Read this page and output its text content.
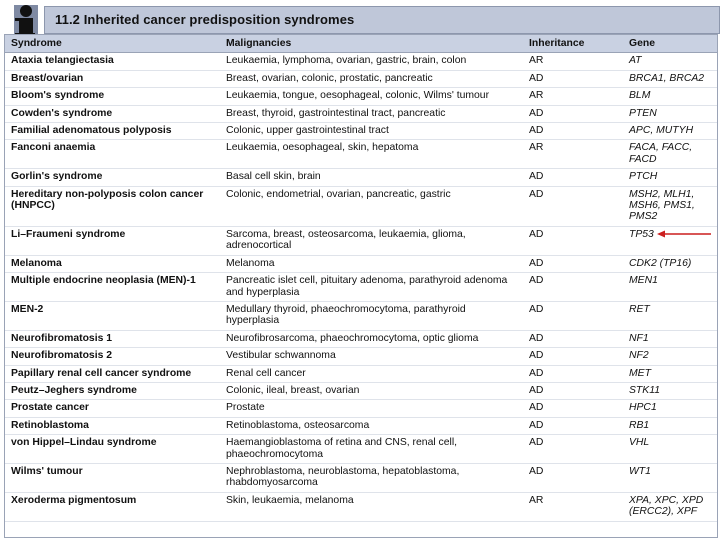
11.2 Inherited cancer predisposition syndromes
Syndrome	Malignancies	Inheritance	Gene
Ataxia telangiectasia	Leukaemia, lymphoma, ovarian, gastric, brain, colon	AR	AT
Breast/ovarian	Breast, ovarian, colonic, prostatic, pancreatic	AD	BRCA1, BRCA2
Bloom's syndrome	Leukaemia, tongue, oesophageal, colonic, Wilms' tumour	AR	BLM
Cowden's syndrome	Breast, thyroid, gastrointestinal tract, pancreatic	AD	PTEN
Familial adenomatous polyposis	Colonic, upper gastrointestinal tract	AD	APC, MUTYH
Fanconi anaemia	Leukaemia, oesophageal, skin, hepatoma	AR	FACA, FACC, FACD
Gorlin's syndrome	Basal cell skin, brain	AD	PTCH
Hereditary non-polyposis colon cancer (HNPCC)	Colonic, endometrial, ovarian, pancreatic, gastric	AD	MSH2, MLH1, MSH6, PMS1, PMS2
Li–Fraumeni syndrome	Sarcoma, breast, osteosarcoma, leukaemia, glioma, adrenocortical	AD	TP53
Melanoma	Melanoma	AD	CDK2 (TP16)
Multiple endocrine neoplasia (MEN)-1	Pancreatic islet cell, pituitary adenoma, parathyroid adenoma and hyperplasia	AD	MEN1
MEN-2	Medullary thyroid, phaeochromocytoma, parathyroid hyperplasia	AD	RET
Neurofibromatosis 1	Neurofibrosarcoma, phaeochromocytoma, optic glioma	AD	NF1
Neurofibromatosis 2	Vestibular schwannoma	AD	NF2
Papillary renal cell cancer syndrome	Renal cell cancer	AD	MET
Peutz–Jeghers syndrome	Colonic, ileal, breast, ovarian	AD	STK11
Prostate cancer	Prostate	AD	HPC1
Retinoblastoma	Retinoblastoma, osteosarcoma	AD	RB1
von Hippel–Lindau syndrome	Haemangioblastoma of retina and CNS, renal cell, phaeochromocytoma	AD	VHL
Wilms' tumour	Nephroblastoma, neuroblastoma, hepatoblastoma, rhabdomyosarcoma	AD	WT1
Xeroderma pigmentosum	Skin, leukaemia, melanoma	AR	XPA, XPC, XPD (ERCC2), XPF
